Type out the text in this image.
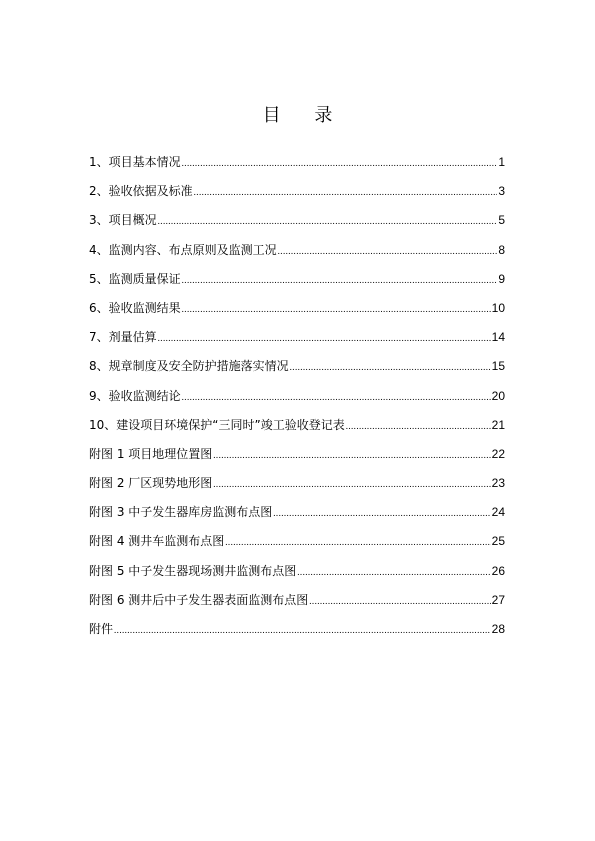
目 录
1、项目基本情况 .....	1
2、验收依据及标准 .....	3
3、项目概况 .....	5
4、监测内容、布点原则及监测工况 .....	8
5、监测质量保证 .....	9
6、验收监测结果 .....	10
7、剂量估算 .....	14
8、规章制度及安全防护措施落实情况 .....	15
9、验收监测结论 .....	20
10、建设项目环境保护“三同时”竣工验收登记表 .....	21
附图 1 项目地理位置图 .....	22
附图 2 厂区现势地形图 .....	23
附图 3 中子发生器库房监测布点图 .....	24
附图 4 测井车监测布点图 .....	25
附图 5 中子发生器现场测井监测布点图 .....	26
附图 6 测井后中子发生器表面监测布点图 .....	27
附件 .....	28
